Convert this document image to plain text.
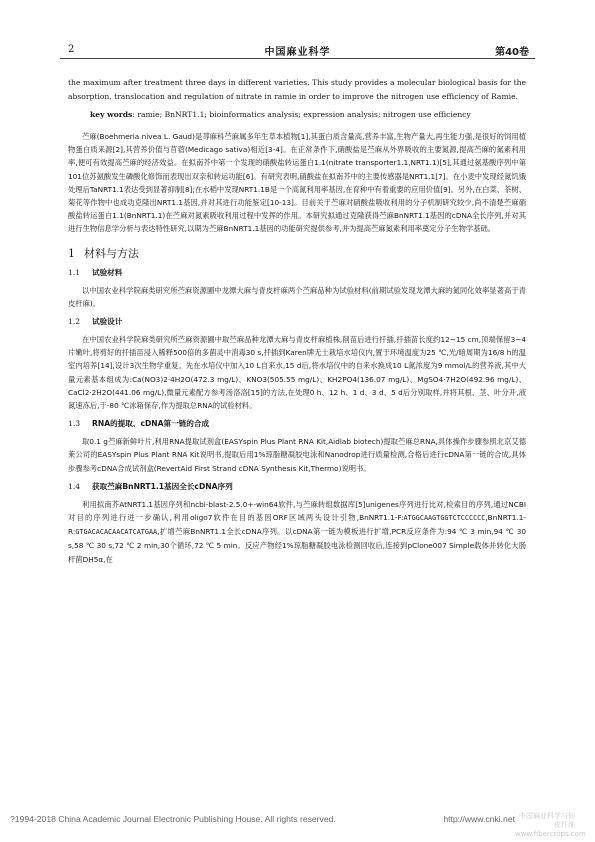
2	中国麻业科学	第40卷

the maximum after treatment three days in different varieties. This study provides a molecular biological basis for the absorption, translocation and regulation of nitrate in ramie in order to improve the nitrogen use efficiency of Ramie.

key words: ramie; BnNRT1.1; bioinformatics analysis; expression analysis; nitrogen use efficiency

苎麻(Boehmeria nivea L. Gaud)是荨麻科苎麻属多年生草本植物[1],其蛋白质含量高,营养丰富,生物产量大,再生能力强,是很好的饲用植物蛋白质来源[2],其营养价值与苜蓿(Medicago sativa)相近[3-4]。在正常条件下,硝酸盐是苎麻从外界吸收的主要氮源,提高苎麻的氮素利用率,便可有效提高苎麻的经济效益。在拟南芥中第一个发现的硝酸盐转运蛋白1.1(nitrate transporter1.1,NRT1.1)[5],其通过氨基酸序列中第101位苏氨酸发生磷酸化修饰而表现出双亲和转运功能[6]。有研究表明,硝酸盐在拟南芥中的主要传感器是NRT1.1[7]。在小麦中发现经氮饥饿处理后TaNRT1.1表达受到显著抑制[8];在水稻中发现NRT1.1B是一个高氮利用率基因,在育种中有着重要的应用价值[9]。另外,在白菜、茶树、菊花等作物中也成功克隆出NRT1.1基因,并对其进行功能鉴定[10-13]。目前关于苎麻对硝酸盐吸收利用的分子机制研究较少,尚不清楚苎麻硝酸盐转运蛋白1.1(BnNRT1.1)在苎麻对氮素吸收利用过程中发挥的作用。本研究拟通过克隆获得苎麻BnNRT1.1基因的cDNA全长序列,并对其进行生物信息学分析与表达特性研究,以期为苎麻BnNRT1.1基因的功能研究提供参考,并为提高苎麻氮素利用率奠定分子生物学基础。

1 材料与方法
1.1 试验材料

以中国农业科学院麻类研究所苎麻资源圃中龙潭大麻与青皮杆麻两个苎麻品种为试验材料(前期试验发现龙潭大麻的氮同化效率显著高于青皮杆麻)。

1.2 试验设计

在中国农业科学院麻类研究所苎麻资源圃中取苎麻品种龙潭大麻与青皮杆麻植株,削苗后进行扦插,扦插苗长度约12~15 cm,顶端保留3~4片嫩叶,将剪好的扦插苗浸入稀释500倍的多菌灵中消毒30 s,扦插到Karen牌无土栽培水培仪内,置于环境温度为25 ℃,光/暗周期为16/8 h的温室内培养[14],设计3次生物学重复。先在水培仪中加入10 L自来水,15 d后,将水培仪中的自来水换成10 L氮浓度为9 mmol/L的营养液,其中大量元素基本组成为:Ca(NO3)2·4H2O(472.3 mg/L)、KNO3(505.55 mg/L)、KH2PO4(136.07 mg/L)、MgSO4·7H2O(492.96 mg/L)、CaCl2·2H2O(441.06 mg/L),微量元素配方参考汤洛洛[15]的方法,在处理0 h、12 h、1 d、3 d、5 d后分别取样,并将其根、茎、叶分开,液氮速冻后,于-80 ℃冰箱保存,作为提取总RNA的试验材料。

1.3 RNA的提取、cDNA第一链的合成

取0.1 g苎麻新鲜叶片,利用RNA提取试剂盒(EASYspin Plus Plant RNA Kit,Aidlab biotech)提取苎麻总RNA,具体操作步骤参照北京艾德莱公司的EASYspin Plus Plant RNA Kit说明书,提取后用1%琼脂糖凝胶电泳和Nanodrop进行质量检测,合格后进行cDNA第一链的合成,具体步骤参考cDNA合成试剂盒(RevertAid First Strand cDNA Synthesis Kit,Thermo)说明书。

1.4 获取苎麻BnNRT1.1基因全长cDNA序列

利用拟南芥AtNRT1.1基因序列和ncbi-blast-2.5.0+-win64软件,与苎麻转组数据库[5]unigenes序列进行比对,检索目的序列,通过NCBI对目的序列进行进一步确认,利用oligo7软件在目的基因ORF区域两头设计引物,BnNRT1.1-F:ATGGCAAGTGGTCTCCCCCC,BnNRT1.1-R:GTGACACACAACATCATGAA,扩增苎麻BnNRT1.1全长cDNA序列。以cDNA第一链为模板进行扩增,PCR反应条件为:94 ℃ 3 min,94 ℃ 30 s,58 ℃ 30 s,72 ℃ 2 min,30个循环,72 ℃ 5 min。反应产物经1%琼脂糖凝胶电泳检测回收后,连接到pClone007 Simple载体并转化大肠杆菌DH5α,在

?1994-2018 China Academic Journal Electronic Publishing House. All rights reserved.	http://www.cnki.net 中国麻业科学与韧皮纤维
www.fibercrops.com
